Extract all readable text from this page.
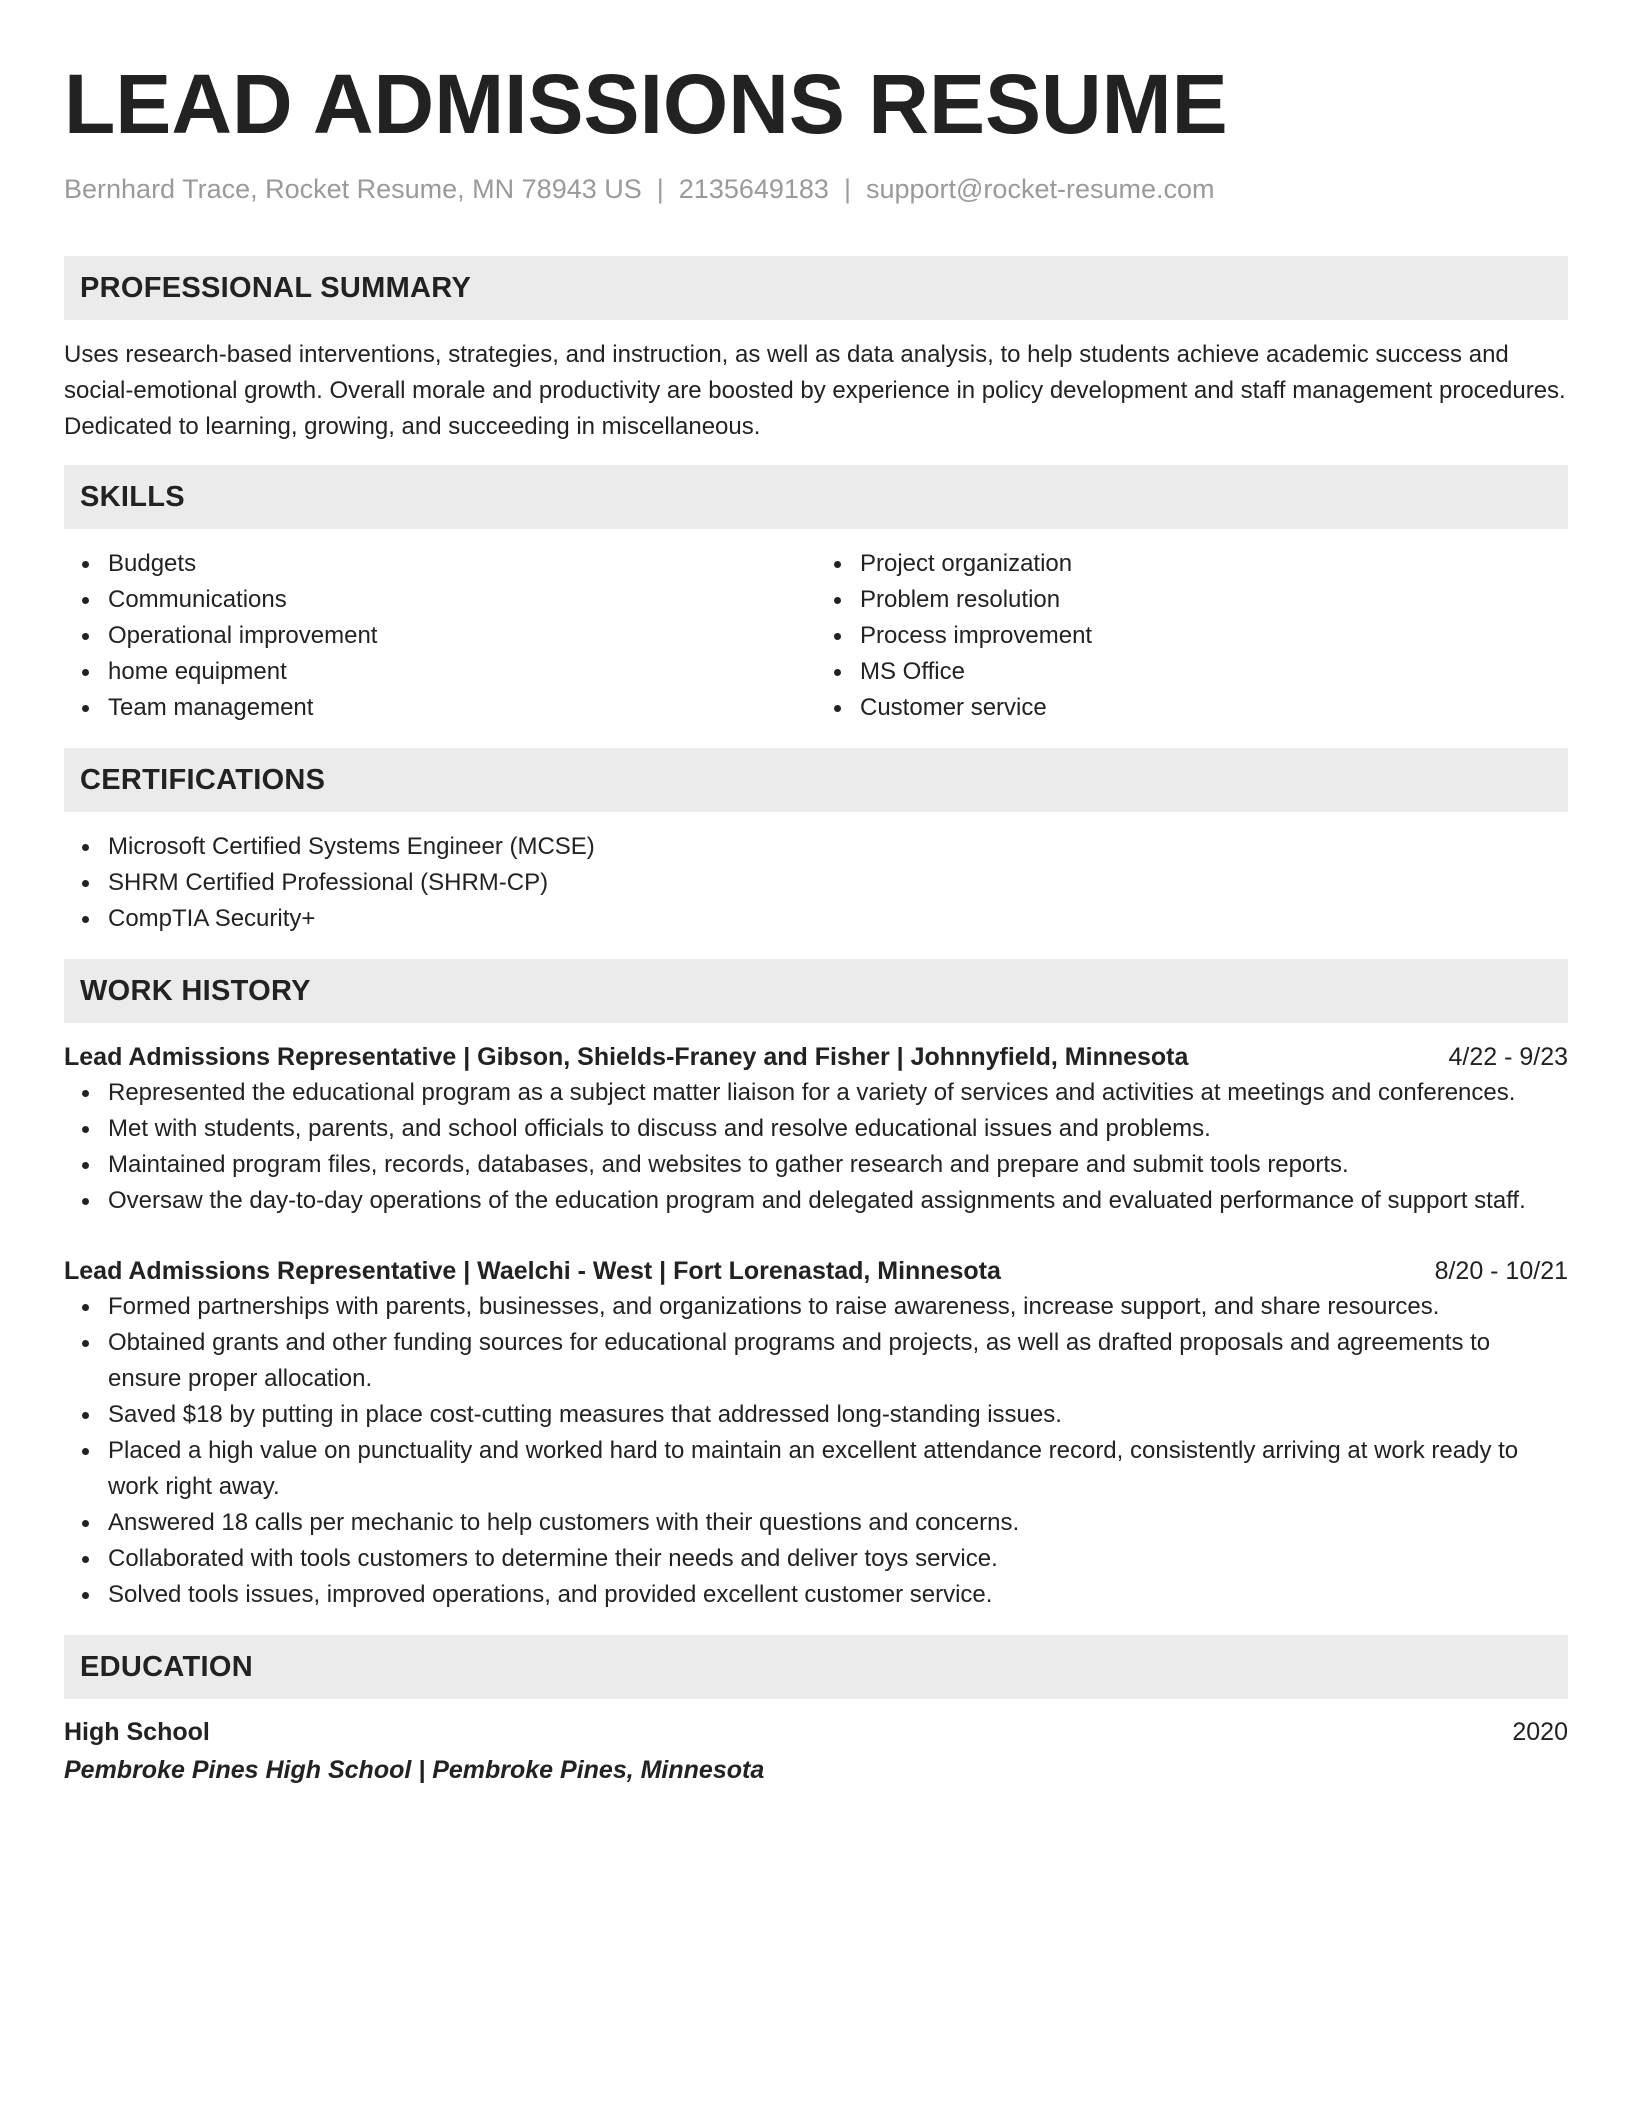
LEAD ADMISSIONS RESUME
Bernhard Trace, Rocket Resume, MN 78943 US | 2135649183 | support@rocket-resume.com
PROFESSIONAL SUMMARY

Uses research-based interventions, strategies, and instruction, as well as data analysis, to help students achieve academic success and social-emotional growth. Overall morale and productivity are boosted by experience in policy development and staff management procedures. Dedicated to learning, growing, and succeeding in miscellaneous.

SKILLS
Budgets
Communications
Operational improvement
home equipment
Team management
Project organization
Problem resolution
Process improvement
MS Office
Customer service
CERTIFICATIONS
Microsoft Certified Systems Engineer (MCSE)
SHRM Certified Professional (SHRM-CP)
CompTIA Security+
WORK HISTORY
Lead Admissions Representative | Gibson, Shields-Franey and Fisher | Johnnyfield, Minnesota	4/22 - 9/23
Represented the educational program as a subject matter liaison for a variety of services and activities at meetings and conferences.
Met with students, parents, and school officials to discuss and resolve educational issues and problems.
Maintained program files, records, databases, and websites to gather research and prepare and submit tools reports.
Oversaw the day-to-day operations of the education program and delegated assignments and evaluated performance of support staff.
Lead Admissions Representative | Waelchi - West | Fort Lorenastad, Minnesota	8/20 - 10/21
Formed partnerships with parents, businesses, and organizations to raise awareness, increase support, and share resources.
Obtained grants and other funding sources for educational programs and projects, as well as drafted proposals and agreements to ensure proper allocation.
Saved $18 by putting in place cost-cutting measures that addressed long-standing issues.
Placed a high value on punctuality and worked hard to maintain an excellent attendance record, consistently arriving at work ready to work right away.
Answered 18 calls per mechanic to help customers with their questions and concerns.
Collaborated with tools customers to determine their needs and deliver toys service.
Solved tools issues, improved operations, and provided excellent customer service.
EDUCATION
High School	2020
Pembroke Pines High School | Pembroke Pines, Minnesota
